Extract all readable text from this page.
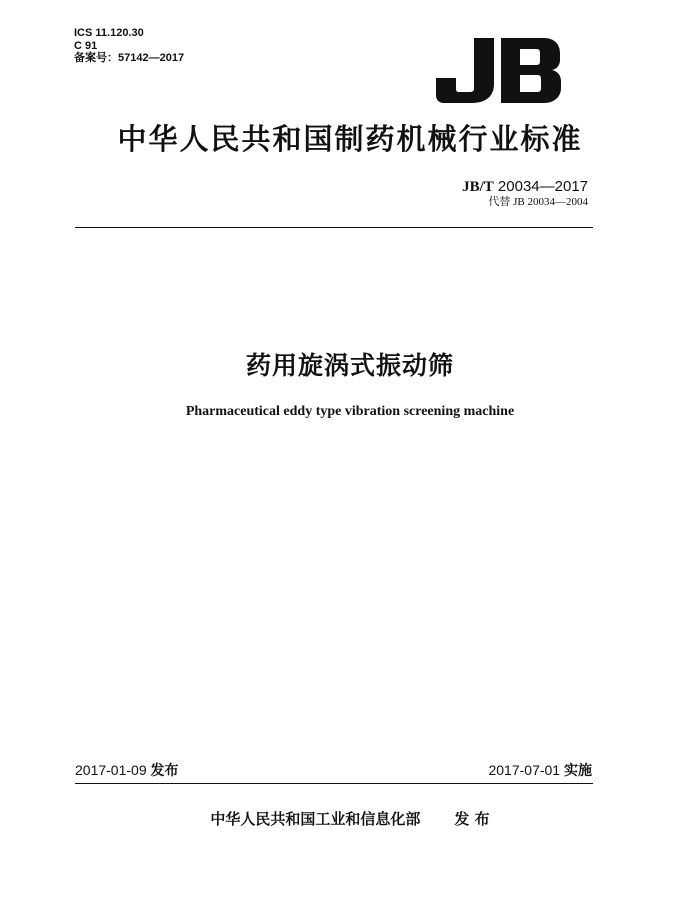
ICS 11.120.30
C 91
备案号：57142—2017
中华人民共和国制药机械行业标准
JB/T 20034—2017
代替 JB 20034—2004
药用旋涡式振动筛
Pharmaceutical eddy type vibration screening machine
2017-01-09 发布	2017-07-01 实施
中华人民共和国工业和信息化部 发 布
